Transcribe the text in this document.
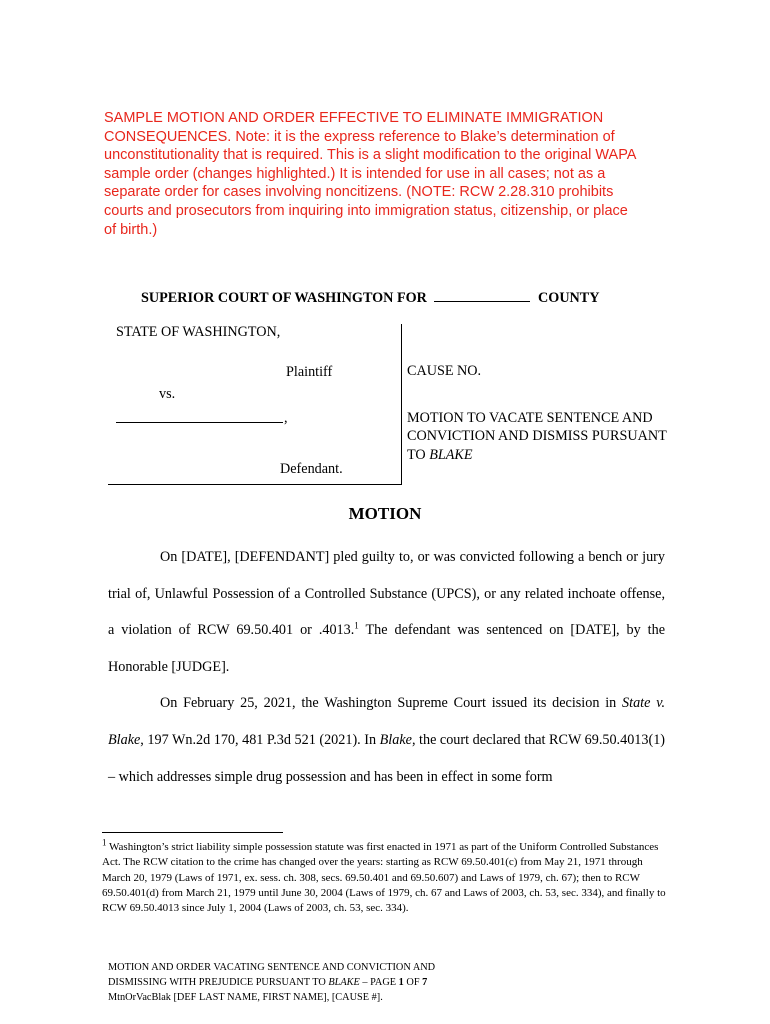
SAMPLE MOTION AND ORDER EFFECTIVE TO ELIMINATE IMMIGRATION
CONSEQUENCES. Note: it is the express reference to Blake’s determination of
unconstitutionality that is required. This is a slight modification to the original WAPA
sample order (changes highlighted.) It is intended for use in all cases; not as a
separate order for cases involving noncitizens. (NOTE: RCW 2.28.310 prohibits
courts and prosecutors from inquiring into immigration status, citizenship, or place
of birth.)
SUPERIOR COURT OF WASHINGTON FOR	COUNTY
STATE OF WASHINGTON,
Plaintiff
vs.
,
Defendant.
CAUSE NO.
MOTION TO VACATE SENTENCE AND
CONVICTION AND DISMISS PURSUANT
TO BLAKE
MOTION

On [DATE], [DEFENDANT] pled guilty to, or was convicted following a bench or jury trial of, Unlawful Possession of a Controlled Substance (UPCS), or any related inchoate offense, a violation of RCW 69.50.401 or .4013.$^1$ The defendant was sentenced on [DATE], by the Honorable [JUDGE].

On February 25, 2021, the Washington Supreme Court issued its decision in State v. Blake, 197 Wn.2d 170, 481 P.3d 521 (2021). In Blake, the court declared that RCW 69.50.4013(1) – which addresses simple drug possession and has been in effect in some form

$^1$ Washington’s strict liability simple possession statute was first enacted in 1971 as part of the Uniform Controlled Substances Act. The RCW citation to the crime has changed over the years: starting as RCW 69.50.401(c) from May 21, 1971 through March 20, 1979 (Laws of 1971, ex. sess. ch. 308, secs. 69.50.401 and 69.50.607) and Laws of 1979, ch. 67); then to RCW 69.50.401(d) from March 21, 1979 until June 30, 2004 (Laws of 1979, ch. 67 and Laws of 2003, ch. 53, sec. 334), and finally to RCW 69.50.4013 since July 1, 2004 (Laws of 2003, ch. 53, sec. 334).

MOTION AND ORDER VACATING SENTENCE AND CONVICTION AND
DISMISSING WITH PREJUDICE PURSUANT TO BLAKE – PAGE 1 OF 7
MtnOrVacBlak [DEF LAST NAME, FIRST NAME], [CAUSE #].
